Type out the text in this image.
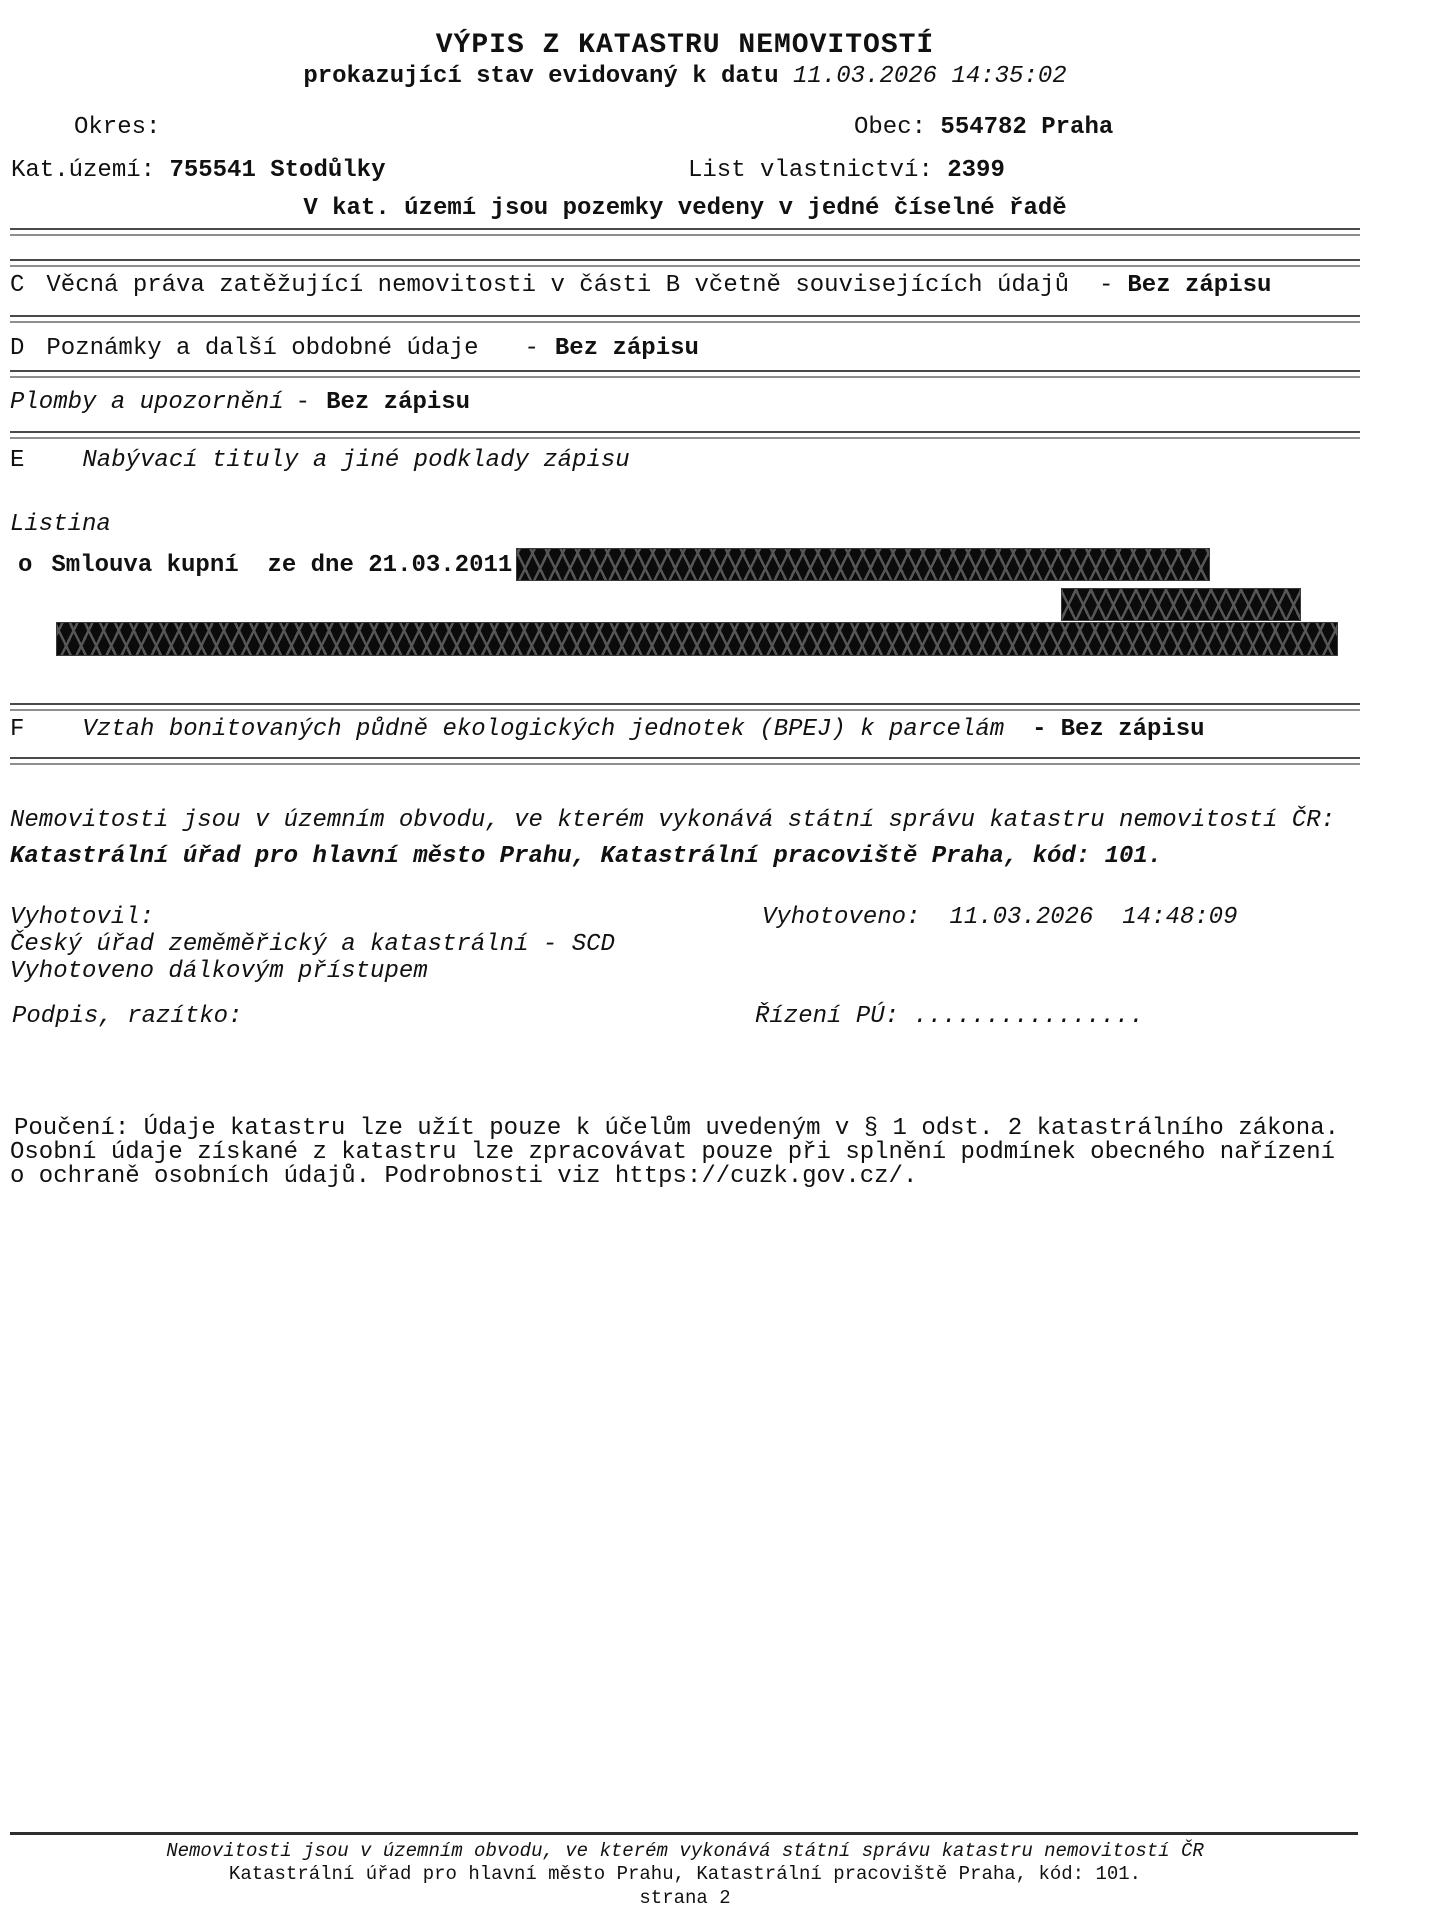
VÝPIS Z KATASTRU NEMOVITOSTÍ
prokazující stav evidovaný k datu 11.03.2026 14:35:02

Okres:

	Obec: 554782 Praha

Kat.území: 755541 Stodůlky

	List vlastnictví: 2399

V kat. území jsou pozemky vedeny v jedné číselné řadě
C Věcná práva zatěžující nemovitosti v části B včetně souvisejících údajů - Bez zápisu
D Poznámky a další obdobné údaje - Bez zápisu
Plomby a upozornění - Bez zápisu
E Nabývací tituly a jiné podklady zápisu
Listina
o Smlouva kupní  ze dne 21.03.2011
F Vztah bonitovaných půdně ekologických jednotek (BPEJ) k parcelám - Bez zápisu
Nemovitosti jsou v územním obvodu, ve kterém vykonává státní správu katastru nemovitostí ČR:
Katastrální úřad pro hlavní město Prahu, Katastrální pracoviště Praha, kód: 101.

Vyhotovil:

	Vyhotoveno: 11.03.2026  14:48:09

Český úřad zeměměřický a katastrální - SCD
Vyhotoveno dálkovým přístupem

Podpis, razítko:

	Řízení PÚ: ................

Poučení: Údaje katastru lze užít pouze k účelům uvedeným v § 1 odst. 2 katastrálního zákona.
Osobní údaje získané z katastru lze zpracovávat pouze při splnění podmínek obecného nařízení
o ochraně osobních údajů. Podrobnosti viz https://cuzk.gov.cz/.
Nemovitosti jsou v územním obvodu, ve kterém vykonává státní správu katastru nemovitostí ČR
Katastrální úřad pro hlavní město Prahu, Katastrální pracoviště Praha, kód: 101.
strana 2
